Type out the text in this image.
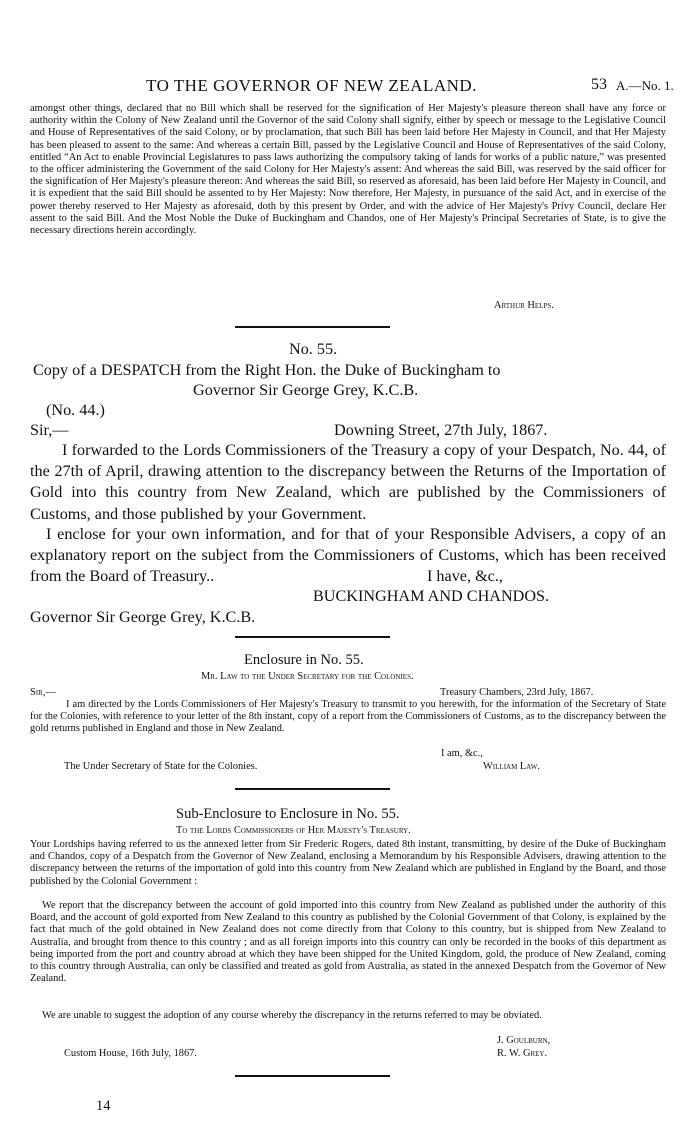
TO THE GOVERNOR OF NEW ZEALAND.	53 A.—No. 1.

amongst other things, declared that no Bill which shall be reserved for the signification of Her Majesty's pleasure thereon shall have any force or authority within the Colony of New Zealand until the Governor of the said Colony shall signify, either by speech or message to the Legislative Council and House of Representatives of the said Colony, or by proclamation, that such Bill has been laid before Her Majesty in Council, and that Her Majesty has been pleased to assent to the same: And whereas a certain Bill, passed by the Legislative Council and House of Representatives of the said Colony, entitled “An Act to enable Provincial Legislatures to pass laws authorizing the compulsory taking of lands for works of a public nature,” was presented to the officer administering the Government of the said Colony for Her Majesty's assent: And whereas the said Bill, was reserved by the said officer for the signification of Her Majesty's pleasure thereon: And whereas the said Bill, so reserved as aforesaid, has been laid before Her Majesty in Council, and it is expedient that the said Bill should be assented to by Her Majesty: Now therefore, Her Majesty, in pursuance of the said Act, and in exercise of the power thereby reserved to Her Majesty as aforesaid, doth by this present by Order, and with the advice of Her Majesty's Privy Council, declare Her assent to the said Bill. And the Most Noble the Duke of Buckingham and Chandos, one of Her Majesty's Principal Secretaries of State, is to give the necessary directions herein accordingly.

Arthur Helps.
No. 55.
Copy of a DESPATCH from the Right Hon. the Duke of Buckingham to
Governor Sir George Grey, K.C.B.
(No. 44.)
Sir,—	Downing Street, 27th July, 1867.

I forwarded to the Lords Commissioners of the Treasury a copy of your Despatch, No. 44, of the 27th of April, drawing attention to the discrepancy between the Returns of the Importation of Gold into this country from New Zealand, which are published by the Commissioners of Customs, and those published by your Government.

I enclose for your own information, and for that of your Responsible Advisers, a copy of an explanatory report on the subject from the Commissioners of Customs, which has been received from the Board of Treasury..	I have, &c.,
BUCKINGHAM AND CHANDOS.
Governor Sir George Grey, K.C.B.
Enclosure in No. 55.
Mr. Law to the Under Secretary for the Colonies.
Sir,—	Treasury Chambers, 23rd July, 1867.

I am directed by the Lords Commissioners of Her Majesty's Treasury to transmit to you herewith, for the information of the Secretary of State for the Colonies, with reference to your letter of the 8th instant, copy of a report from the Commissioners of Customs, as to the discrepancy between the gold returns published in England and those in New Zealand.

I am, &c.,
The Under Secretary of State for the Colonies.	William Law.
Sub-Enclosure to Enclosure in No. 55.
To the Lords Commissioners of Her Majesty's Treasury.

Your Lordships having referred to us the annexed letter from Sir Frederic Rogers, dated 8th instant, transmitting, by desire of the Duke of Buckingham and Chandos, copy of a Despatch from the Governor of New Zealand, enclosing a Memorandum by his Responsible Advisers, drawing attention to the discrepancy between the returns of the importation of gold into this country from New Zealand which are published in England by the Board, and those published by the Colonial Government :

We report that the discrepancy between the account of gold imported into this country from New Zealand as published under the authority of this Board, and the account of gold exported from New Zealand to this country as published by the Colonial Government of that Colony, is explained by the fact that much of the gold obtained in New Zealand does not come directly from that Colony to this country, but is shipped from New Zealand to Australia, and brought from thence to this country ; and as all foreign imports into this country can only be recorded in the books of this department as being imported from the port and country abroad at which they have been shipped for the United Kingdom, gold, the produce of New Zealand, coming to this country through Australia, can only be classified and treated as gold from Australia, as stated in the annexed Despatch from the Governor of New Zealand.

We are unable to suggest the adoption of any course whereby the discrepancy in the returns referred to may be obviated.

J. Goulburn,
Custom House, 16th July, 1867.	R. W. Grey.
14
